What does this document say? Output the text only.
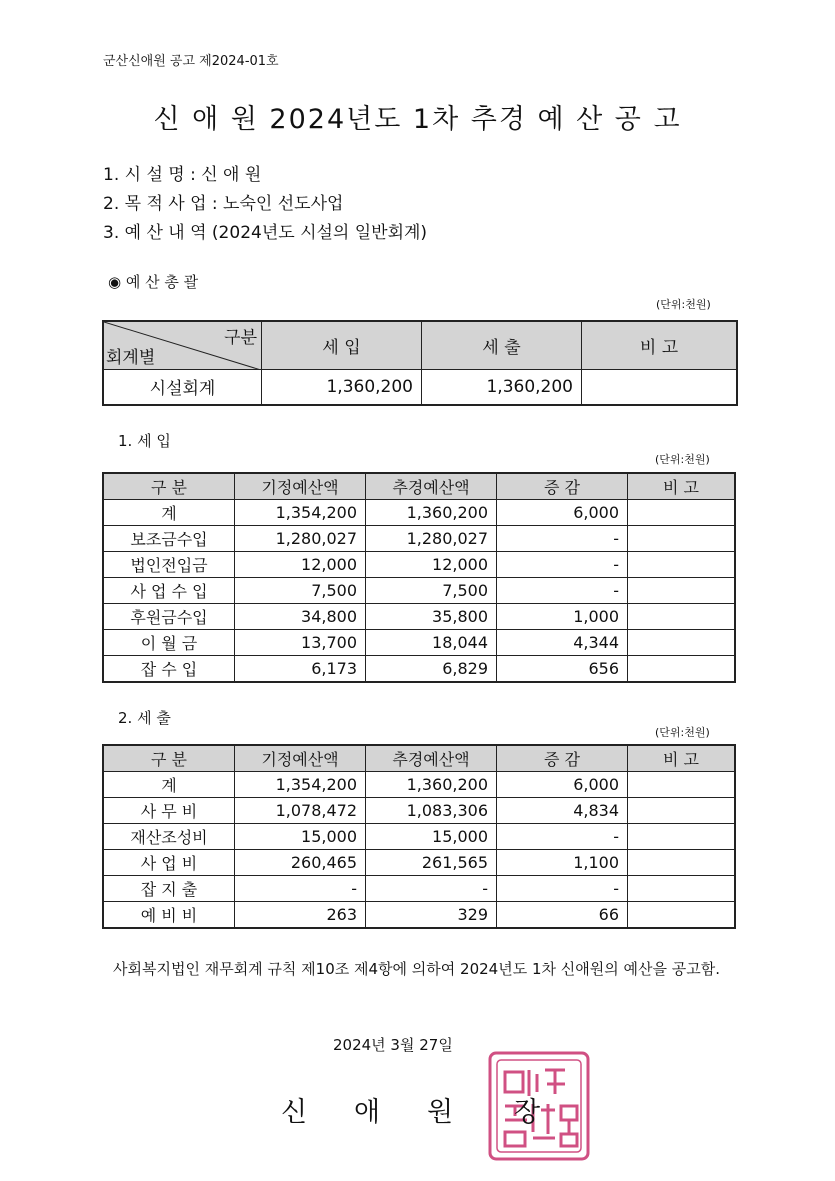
군산신애원 공고 제2024-01호
신 애 원 2024년도 1차 추경 예 산 공 고
1. 시 설 명 : 신 애 원
2. 목 적 사 업 : 노숙인 선도사업
3. 예 산 내 역 (2024년도 시설의 일반회계)
◉ 예 산 총 괄
(단위:천원)
구분
회계별	세 입	세 출	비 고
시설회계	1,360,200	1,360,200	
1. 세 입
(단위:천원)
구 분	기정예산액	추경예산액	증 감	비 고
계	1,354,200	1,360,200	6,000	
보조금수입	1,280,027	1,280,027	-	
법인전입금	12,000	12,000	-	
사 업 수 입	7,500	7,500	-	
후원금수입	34,800	35,800	1,000	
이 월 금	13,700	18,044	4,344	
잡 수 입	6,173	6,829	656	
2. 세 출
(단위:천원)
구 분	기정예산액	추경예산액	증 감	비 고
계	1,354,200	1,360,200	6,000	
사 무 비	1,078,472	1,083,306	4,834	
재산조성비	15,000	15,000	-	
사 업 비	260,465	261,565	1,100	
잡 지 출	-	-	-	
예 비 비	263	329	66	
사회복지법인 재무회계 규칙 제10조 제4항에 의하여 2024년도 1차 신애원의 예산을 공고함.
2024년 3월 27일
신 애 원 장
